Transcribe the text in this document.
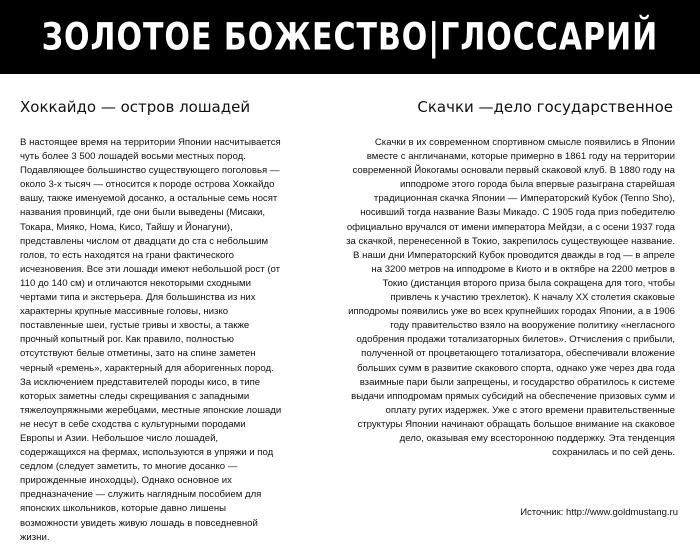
ЗОЛОТОЕ БОЖЕСТВО|ГЛОССАРИЙ
Хоккайдо — остров лошадей

В настоящее время на территории Японии насчитывается чуть более 3 500 лошадей восьми местных пород. Подавляющее большинство существующего поголовья — около 3-х тысяч — относится к породе острова Хоккайдо вашу, также именуемой досанко, а остальные семь носят названия провинций, где они были выведены (Мисаки, Токара, Мияко, Нома, Кисо, Тайшу и Йонагуни), представлены числом от двадцати до ста с небольшим голов, то есть находятся на грани фактического исчезновения. Все эти лошади имеют небольшой рост (от 110 до 140 см) и отличаются некоторыми сходными чертами типа и экстерьера. Для большинства из них характерны крупные массивные головы, низко поставленные шеи, густые гривы и хвосты, а также прочный копытный рог. Как правило, полностью отсутствуют белые отметины, зато на спине заметен черный «ремень», характерный для аборигенных пород. За исключением представителей породы кисо, в типе которых заметны следы скрещивания с западными тяжелоупряжными жеребцами, местные японские лошади не несут в себе сходства с культурными породами Европы и Азии. Небольшое число лошадей, содержащихся на фермах, используются в упряжи и под седлом (следует заметить, то многие досанко — прирожденные иноходцы). Однако основное их предназначение — служить наглядным пособием для японских школьников, которые давно лишены возможности увидеть живую лошадь в повседневной жизни.

Скачки —дело государственное

Скачки в их современном спортивном смысле появились в Японии вместе с англичанами, которые примерно в 1861 году на территории современной Йокогамы основали первый скаковой клуб. В 1880 году на ипподроме этого города была впервые разыграна старейшая традиционная скачка Японии — Императорский Кубок (Tenno Sho), носивший тогда название Вазы Микадо. С 1905 года приз победителю официально вручался от имени императора Мейдзи, а с осени 1937 года за скачкой, перенесенной в Токио, закрепилось существующее название. В наши дни Императорский Кубок проводится дважды в год — в апреле на 3200 метров на ипподроме в Киото и в октябре на 2200 метров в Токио (дистанция второго приза была сокращена для того, чтобы привлечь к участию трехлеток). К началу XX столетия скаковые ипподромы появились уже во всех крупнейших городах Японии, а в 1906 году правительство взяло на вооружение политику «негласного одобрения продажи тотализаторных билетов». Отчисления с прибыли, полученной от процветающего тотализатора, обеспечивали вложение больших сумм в развитие скакового спорта, однако уже через два года взаимные пари были запрещены, и государство обратилось к системе выдачи ипподромам прямых субсидий на обеспечение призовых сумм и оплату ругих издержек. Уже с этого времени правительственные структуры Японии начинают обращать большое внимание на скаковое дело, оказывая ему всесторонною поддержку. Эта тенденция сохранилась и по сей день.

Источник: http://www.goldmustang.ru
